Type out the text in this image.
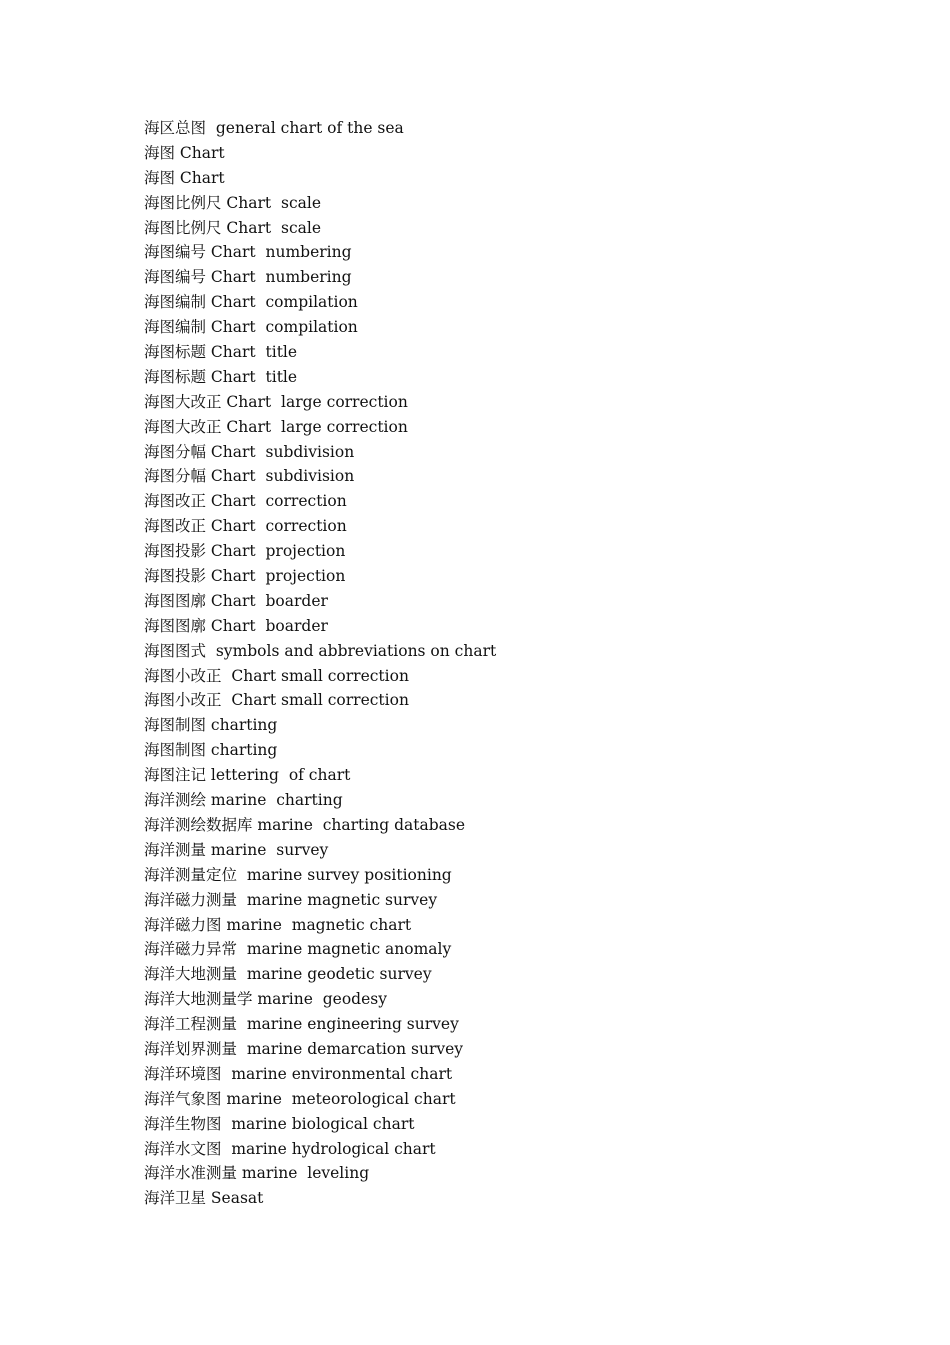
海区总图  general chart of the sea
海图 Chart
海图 Chart
海图比例尺 Chart  scale
海图比例尺 Chart  scale
海图编号 Chart  numbering
海图编号 Chart  numbering
海图编制 Chart  compilation
海图编制 Chart  compilation
海图标题 Chart  title
海图标题 Chart  title
海图大改正 Chart  large correction
海图大改正 Chart  large correction
海图分幅 Chart  subdivision
海图分幅 Chart  subdivision
海图改正 Chart  correction
海图改正 Chart  correction
海图投影 Chart  projection
海图投影 Chart  projection
海图图廓 Chart  boarder
海图图廓 Chart  boarder
海图图式  symbols and abbreviations on chart
海图小改正  Chart small correction
海图小改正  Chart small correction
海图制图 charting
海图制图 charting
海图注记 lettering  of chart
海洋测绘 marine  charting
海洋测绘数据库 marine  charting database
海洋测量 marine  survey
海洋测量定位  marine survey positioning
海洋磁力测量  marine magnetic survey
海洋磁力图 marine  magnetic chart
海洋磁力异常  marine magnetic anomaly
海洋大地测量  marine geodetic survey
海洋大地测量学 marine  geodesy
海洋工程测量  marine engineering survey
海洋划界测量  marine demarcation survey
海洋环境图  marine environmental chart
海洋气象图 marine  meteorological chart
海洋生物图  marine biological chart
海洋水文图  marine hydrological chart
海洋水准测量 marine  leveling
海洋卫星 Seasat
